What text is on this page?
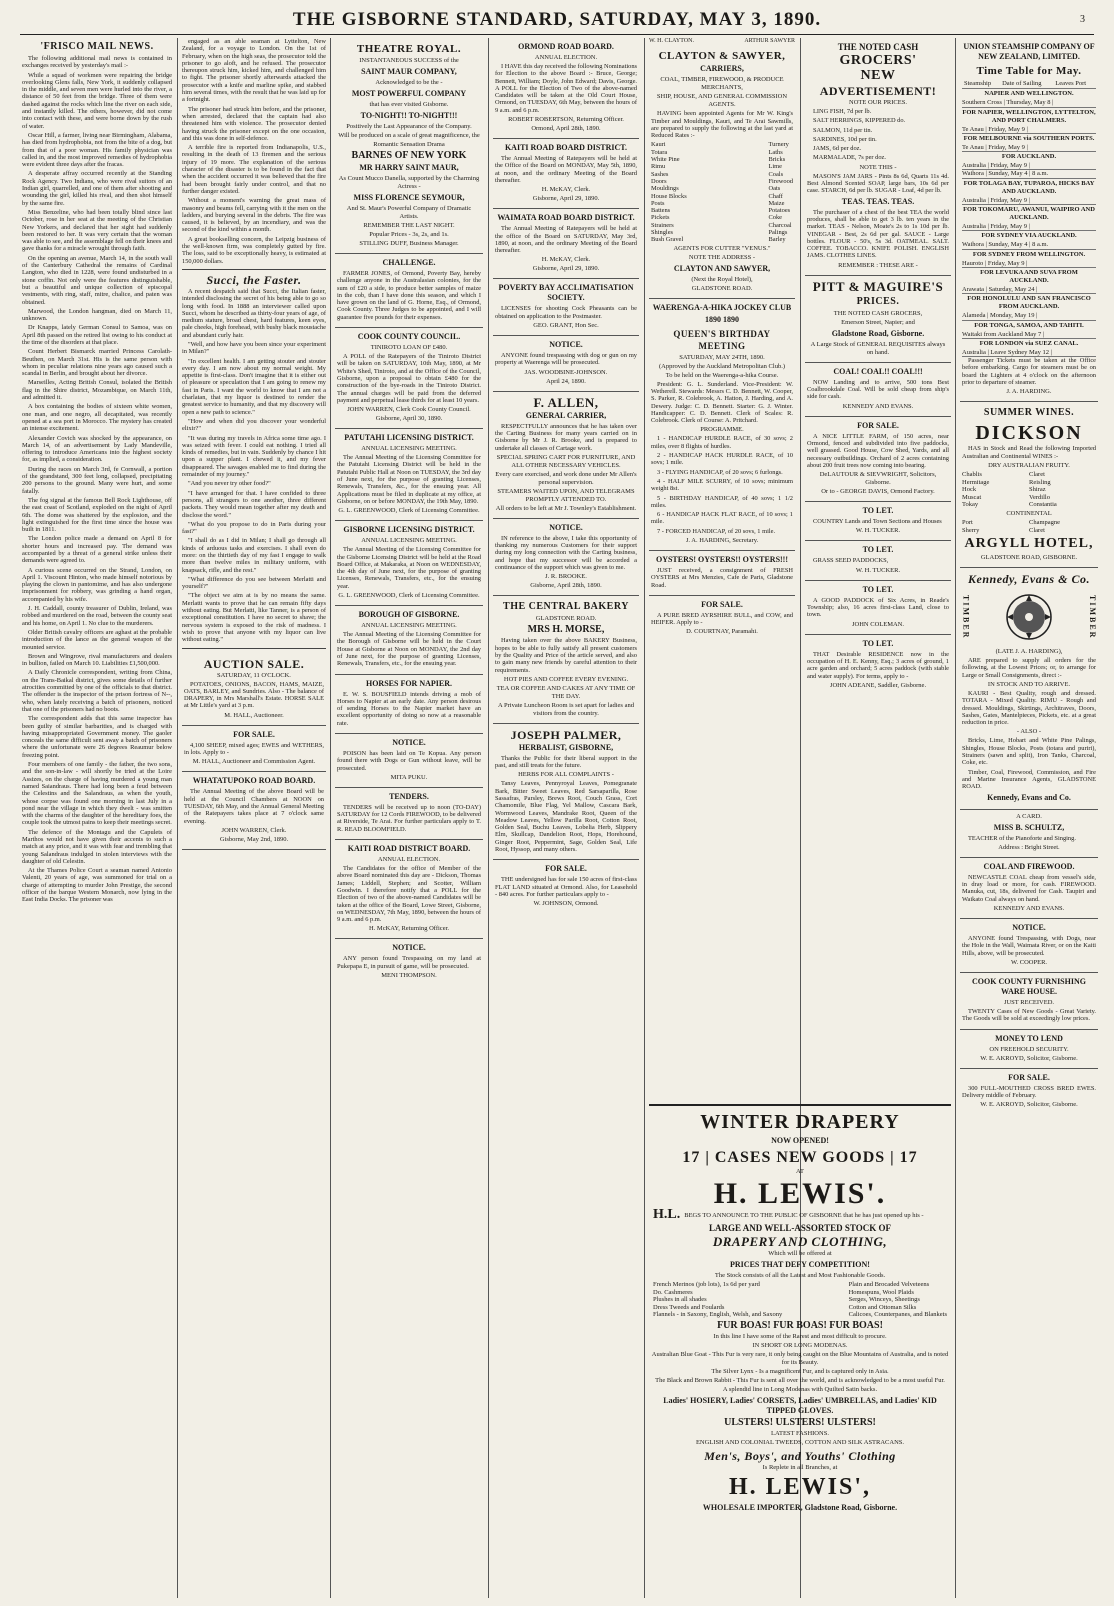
THE GISBORNE STANDARD, SATURDAY, MAY 3, 1890.	3
'FRISCO MAIL NEWS.
The following additional mail news is contained in exchanges received by yesterday's mail :-
While a squad of workmen were repairing the bridge overlooking Glens falls, New York, it suddenly collapsed in the middle, and seven men were hurled into the river, a distance of 50 feet from the bridge. Three of them were dashed against the rocks which line the river on each side, and instantly killed. The others, however, did not come into contact with these, and were borne down by the rush of water.
Oscar Hill, a farmer, living near Birmingham, Alabama, has died from hydrophobia, not from the bite of a dog, but from that of a poor woman. His family physician was called in, and the most improved remedies of hydrophobia were evident three days after the fracas.
A desperate affray occurred recently at the Standing Rock Agency. Two Indians, who were rival suitors of an Indian girl, quarrelled, and one of them after shooting and wounding the girl, killed his rival, and then shot himself by the same fire.
Miss Benzeline, who had been totally blind since last October, rose in her seat at the meeting of the Christian New Yorkers, and declared that her sight had suddenly been restored to her. It was very certain that the woman was able to see, and the assemblage fell on their knees and gave thanks for a miracle wrought through faith.
On the opening an avenue, March 14, in the south wall of the Canterbury Cathedral the remains of Cardinal Langton, who died in 1228, were found undisturbed in a stone coffin. Not only were the features distinguishable, but a beautiful and unique collection of episcopal vestments, with ring, staff, mitre, chalice, and paten was obtained.
Marwood, the London hangman, died on March 11, unknown.
Dr Knapps, lately German Consul to Samoa, was on April 8th passed on the retired list owing to his conduct at the time of the disorders at that place.
Count Herbert Bismarck married Princess Carolath-Beuthen, on March 31st. His is the same person with whom in peculiar relations nine years ago caused such a scandal in Berlin, and brought about her divorce.
Marseilles, Acting British Consul, isolated the British flag in the Shire district, Mozambique, on March 11th, and admitted it.
A box containing the bodies of sixteen white women, one man, and one negro, all decapitated, was recently opened at a sea port in Morocco. The mystery has created an intense excitement.
Alexander Covich was shocked by the appearance, on March 14, of an advertisement by Lady Mandeville, offering to introduce Americans into the highest society for, as implied, a consideration.
During the races on March 3rd, fe Cornwall, a portion of the grandstand, 300 feet long, collapsed, precipitating 200 persons to the ground. Many were hurt, and some fatally.
The fog signal at the famous Bell Rock Lighthouse, off the east coast of Scotland, exploded on the night of April 6th. The dome was shattered by the explosion, and the light extinguished for the first time since the house was built in 1811.
The London police made a demand on April 8 for shorter hours and increased pay. The demand was accompanied by a threat of a general strike unless their demands were agreed to.
A curious scene occurred on the Strand, London, on April 1. Viscount Hinton, who made himself notorious by playing the clown in pantomime, and has also undergone imprisonment for robbery, was grinding a hand organ, accompanied by his wife.
J. H. Caddall, county treasurer of Dublin, Ireland, was robbed and murdered on the road, between the county seat and his home, on April 1. No clue to the murderers.
Older British cavalry officers are aghast at the probable introduction of the lance as the general weapon of the mounted service.
Brown and Wingrove, rival manufacturers and dealers in bullion, failed on March 10. Liabilities £1,500,000.
A Daily Chronicle correspondent, writing from China, on the Trans-Baikal district, gives some details of further atrocities committed by one of the officials to that district. The offender is the inspector of the prison fortress of N--, who, when lately receiving a batch of prisoners, noticed that one of the prisoners had no boots.
The correspondent adds that this same inspector has been guilty of similar barbarities, and is charged with having misappropriated Government money. The gaoler conceals the same difficult sent away a batch of prisoners where the unfortunate were 26 degrees Reaumur below freezing point.
Four members of one family - the father, the two sons, and the son-in-law - will shortly be tried at the Loire Assizes, on the charge of having murdered a young man named Saiandraus. There had long been a feud between the Celestins and the Salandraus, as when the youth, whose corpse was found one morning in last July in a pond near the village in which they dwelt - was smitten with the charms of the daughter of the hereditary foes, the couple took the utmost pains to keep their meetings secret.
The defence of the Montagu and the Capulets of Marthos would not have given their accents to such a match at any price, and it was with fear and trembling that young Salandraus indulged in stolen interviews with the daughter of old Celestin.
At the Thames Police Court a seaman named Antonio Valenti, 20 years of age, was summoned for trial on a charge of attempting to murder John Prestige, the second officer of the barque Western Monarch, now lying in the East India Docks. The prisoner was
engaged as an able seaman at Lyttelton, New Zealand, for a voyage to London. On the 1st of February, when on the high seas, the prosecutor told the prisoner to go aloft, and he refused. The prosecutor thereupon struck him, kicked him, and challenged him to fight. The prisoner shortly afterwards attacked the prosecutor with a knife and marline spike, and stabbed him several times, with the result that he was laid up for a fortnight.
The prisoner had struck him before, and the prisoner, when arrested, declared that the captain had also threatened him with violence. The prosecutor denied having struck the prisoner except on the one occasion, and this was done in self-defence.
A terrible fire is reported from Indianapolis, U.S., resulting in the death of 13 firemen and the serious injury of 19 more. The explanation of the serious character of the disaster is to be found in the fact that when the accident occurred it was believed that the fire had been brought fairly under control, and that no further danger existed.
Without a moment's warning the great mass of masonry and beams fell, carrying with it the men on the ladders, and burying several in the debris. The fire was caused, it is believed, by an incendiary, and was the second of the kind within a month.
A great bookselling concern, the Leipzig business of the well-known firm, was completely gutted by fire. The loss, said to be exceptionally heavy, is estimated at 150,000 dollars.
Succi, the Faster.
A recent despatch said that Succi, the Italian faster, intended disclosing the secret of his being able to go so long with food. In 1888 an interviewer called upon Succi, whom he described as thirty-four years of age, of medium stature, broad chest, hard features, keen eyes, pale cheeks, high forehead, with bushy black moustache and abundant curly hair.
"Well, and how have you been since your experiment in Milan?"
"In excellent health. I am getting stouter and stouter every day. I am now about my normal weight. My appetite is first-class. Don't imagine that it is either out of pleasure or speculation that I am going to renew my fast in Paris. I want the world to know that I am not a charlatan, that my liquor is destined to render the greatest service to humanity, and that my discovery will open a new path to science."
"How and when did you discover your wonderful elixir?"
"It was during my travels in Africa some time ago. I was seized with fever. I could eat nothing. I tried all kinds of remedies, but in vain. Suddenly by chance I hit upon a supper plant. I chewed it, and my fever disappeared. The savages enabled me to find during the remainder of my journey."
"And you never try other food?"
"I have arranged for that. I have confided to three persons, all strangers to one another, three different packets. They would mean together after my death and disclose the word."
"What do you propose to do in Paris during your fast?"
"I shall do as I did in Milan; I shall go through all kinds of arduous tasks and exercises. I shall even do more: on the thirtieth day of my fast I engage to walk more than twelve miles in military uniform, with knapsack, rifle, and the rest."
"What difference do you see between Merlatti and yourself?"
"The object we aim at is by no means the same. Merlatti wants to prove that he can remain fifty days without eating. But Merlatti, like Tanner, is a person of exceptional constitution. I have no secret to shave; the nervous system is exposed to the risk of madness. I wish to prove that anyone with my liquor can live without eating."
AUCTION SALE.
SATURDAY, 11 O'CLOCK.
POTATOES, ONIONS, BACON, HAMS, MAIZE, OATS, BARLEY, and Sundries. Also - The balance of DRAPERY, in Mrs Marshall's Estate. HORSE SALE at Mr Little's yard at 3 p.m.
M. HALL, Auctioneer.
FOR SALE.
4,100 SHEEP, mixed ages; EWES and WETHERS, in lots. Apply to -
M. HALL, Auctioneer and Commission Agent.
WHATATUPOKO ROAD BOARD.
The Annual Meeting of the above Board will be held at the Council Chambers at NOON on TUESDAY, 6th May, and the Annual General Meeting of the Ratepayers takes place at 7 o'clock same evening.
JOHN WARREN, Clerk.
Gisborne, May 2nd, 1890.
THEATRE ROYAL.
INSTANTANEOUS SUCCESS of the
SAINT MAUR COMPANY,
Acknowledged to be the -
MOST POWERFUL COMPANY
that has ever visited Gisborne.
TO-NIGHT!! TO-NIGHT!!!
Positively the Last Appearance of the Company.
Will be produced on a scale of great magnificence, the
Romantic Sensation Drama
BARNES OF NEW YORK
MR HARRY SAINT MAUR,
As Count Mucco Danella, supported by the Charming Actress -
MISS FLORENCE SEYMOUR,
And St. Maur's Powerful Company of Dramatic Artists.
REMEMBER THE LAST NIGHT.
Popular Prices - 3s, 2s, and 1s.
STILLING DUFF, Business Manager.
CHALLENGE.
FARMER JONES, of Ormond, Poverty Bay, hereby challenge anyone in the Australasian colonies, for the sum of £20 a side, to produce better samples of maize in the cob, than I have done this season, and which I have grown on the land of G. Horne, Esq., of Ormond, Cook County. Three Judges to be appointed, and I will guarantee five pounds for their expenses.
COOK COUNTY COUNCIL.
TINIROTO LOAN OF £480.
A POLL of the Ratepayers of the Tiniroto District will be taken on SATURDAY, 10th May, 1890, at Mr White's Shed, Tiniroto, and at the Office of the Council, Gisborne, upon a proposal to obtain £480 for the construction of the bye-roads in the Tiniroto District. The annual charges will be paid from the deferred payment and perpetual lease thirds for at least 10 years.
JOHN WARREN, Clerk Cook County Council.
Gisborne, April 30, 1890.
PATUTAHI LICENSING DISTRICT.
ANNUAL LICENSING MEETING.
The Annual Meeting of the Licensing Committee for the Patutahi Licensing District will be held in the Patutahi Public Hall at Noon on TUESDAY, the 3rd day of June next, for the purpose of granting Licenses, Renewals, Transfers, &c., for the ensuing year. All Applications must be filed in duplicate at my office, at Gisborne, on or before MONDAY, the 19th May, 1890.
G. L. GREENWOOD, Clerk of Licensing Committee.
GISBORNE LICENSING DISTRICT.
ANNUAL LICENSING MEETING.
The Annual Meeting of the Licensing Committee for the Gisborne Licensing District will be held at the Road Board Office, at Makaraka, at Noon on WEDNESDAY, the 4th day of June next, for the purpose of granting Licenses, Renewals, Transfers, etc., for the ensuing year.
G. L. GREENWOOD, Clerk of Licensing Committee.
BOROUGH OF GISBORNE.
ANNUAL LICENSING MEETING.
The Annual Meeting of the Licensing Committee for the Borough of Gisborne will be held in the Court House at Gisborne at Noon on MONDAY, the 2nd day of June next, for the purpose of granting Licenses, Renewals, Transfers, etc., for the ensuing year.
HORSES FOR NAPIER.
E. W. S. BOUSFIELD intends driving a mob of Horses to Napier at an early date. Any person desirous of sending Horses to the Napier market have an excellent opportunity of doing so now at a reasonable rate.
NOTICE.
POISON has been laid on Te Kopua. Any person found there with Dogs or Gun without leave, will be prosecuted.
MITA PUKU.
TENDERS.
TENDERS will be received up to noon (TO-DAY) SATURDAY for 12 Cords FIREWOOD, to be delivered at Riverside, Te Arai. For further particulars apply to T. R. READ BLOOMFIELD.
KAITI ROAD DISTRICT BOARD.
ANNUAL ELECTION.
The Candidates for the office of Member of the above Board nominated this day are - Dickson, Thomas James; Liddell, Stephen; and Scotter, William Goodwin. I therefore notify that a POLL for the Election of two of the above-named Candidates will be taken at the office of the Board, Lowe Street, Gisborne, on WEDNESDAY, 7th May, 1890, between the hours of 9 a.m. and 6 p.m.
H. McKAY, Returning Officer.
NOTICE.
ANY person found Trespassing on my land at Pukepapa E, in pursuit of game, will be prosecuted.
MENI THOMPSON.
ORMOND ROAD BOARD.
ANNUAL ELECTION.
I HAVE this day received the following Nominations for Election to the above Board :- Bruce, George; Bennett, William; Doyle, John Edward; Davis, George. A POLL for the Election of Two of the above-named Candidates will be taken at the Old Court House, Ormond, on TUESDAY, 6th May, between the hours of 9 a.m. and 6 p.m.
ROBERT ROBERTSON, Returning Officer.
Ormond, April 28th, 1890.
KAITI ROAD BOARD DISTRICT.
The Annual Meeting of Ratepayers will be held at the Office of the Board on MONDAY, May 5th, 1890, at noon, and the ordinary Meeting of the Board thereafter.
H. McKAY, Clerk.
Gisborne, April 29, 1890.
WAIMATA ROAD BOARD DISTRICT.
The Annual Meeting of Ratepayers will be held at the office of the Board on SATURDAY, May 3rd, 1890, at noon, and the ordinary Meeting of the Board thereafter.
H. McKAY, Clerk.
Gisborne, April 29, 1890.
POVERTY BAY ACCLIMATISATION SOCIETY.
LICENSES for shooting Cock Pheasants can be obtained on application to the Postmaster.
GEO. GRANT, Hon Sec.
NOTICE.
ANYONE found trespassing with dog or gun on my property at Waerenga will be prosecuted.
JAS. WOODBINE-JOHNSON.
April 24, 1890.
F. ALLEN,
GENERAL CARRIER,
RESPECTFULLY announces that he has taken over the Carting Business for many years carried on in Gisborne by Mr J. R. Brooke, and is prepared to undertake all classes of Cartage work.
SPECIAL SPRING CART FOR FURNITURE, AND ALL OTHER NECESSARY VEHICLES.
Every care exercised, and work done under Mr Allen's personal supervision.
STEAMERS WAITED UPON, AND TELEGRAMS PROMPTLY ATTENDED TO.
All orders to be left at Mr J. Townley's Establishment.
NOTICE.
IN reference to the above, I take this opportunity of thanking my numerous Customers for their support during my long connection with the Carting business, and hope that my successor will be accorded a continuance of the support which was given to me.
J. R. BROOKE.
Gisborne, April 28th, 1890.
THE CENTRAL BAKERY
GLADSTONE ROAD.
MRS H. MORSE,
Having taken over the above BAKERY Business, hopes to be able to fully satisfy all present customers by the Quality and Price of the article served, and also to gain many new friends by careful attention to their requirements.
HOT PIES AND COFFEE EVERY EVENING.
TEA OR COFFEE AND CAKES AT ANY TIME OF THE DAY.
A Private Luncheon Room is set apart for ladies and visitors from the country.
JOSEPH PALMER,
HERBALIST, GISBORNE,
Thanks the Public for their liberal support in the past, and still treats for the future.
HERBS FOR ALL COMPLAINTS -
Tansy Leaves, Pennyroyal Leaves, Pomegranate Bark, Bitter Sweet Leaves, Red Sarsaparilla, Rose Sassafras, Parsley, Brews Root, Couch Grass, Cort Chamomile, Blue Flag, Yel Mallow, Cascara Bark, Wormwood Leaves, Mandrake Root, Queen of the Meadow Leaves, Yellow Parilla Root, Cotton Root, Golden Seal, Buchu Leaves, Lobelia Herb, Slippery Elm, Skullcap, Dandelion Root, Hops, Horehound, Ginger Root, Peppermint, Sage, Golden Seal, Life Root, Hyssop, and many others.
FOR SALE.
THE undersigned has for sale 150 acres of first-class FLAT LAND situated at Ormond. Also, for Leasehold - 840 acres. For further particulars apply to -
W. JOHNSON, Ormond.
W. H. CLAYTON.	ARTHUR SAWYER
CLAYTON & SAWYER,
CARRIERS,
COAL, TIMBER, FIREWOOD, & PRODUCE MERCHANTS,
SHIP, HOUSE, AND GENERAL COMMISSION AGENTS.
HAVING been appointed Agents for Mr W. King's Timber and Mouldings, Kauri, and Te Arai Sawmills, are prepared to supply the following at the last yard at Reduced Rates :-
Kauri
Totara
White Pine
Rimu
Sashes
Doors
Mouldings
House Blocks
Posts
Battens
Pickets
Strainers
Shingles
Bush Gravel
Turnery
Laths
Bricks
Lime
Coals
Firewood
Oats
Chaff
Maize
Potatoes
Coke
Charcoal
Palings
Barley
AGENTS FOR CUTTER "VENUS."
NOTE THE ADDRESS -
CLAYTON AND SAWYER,
(Next the Royal Hotel),
GLADSTONE ROAD.
WAERENGA-A-HIKA JOCKEY CLUB
1890 1890
QUEEN'S BIRTHDAY MEETING
SATURDAY, MAY 24TH, 1890.
(Approved by the Auckland Metropolitan Club.)
To be held on the Waerenga-a-hika Course.
President: G. L. Sunderland. Vice-President: W. Wetherell. Stewards: Messrs C. D. Bennett, W. Cooper, S. Parker, R. Colebrook, A. Hatton, J. Harding, and A. Dewery. Judge: C. D. Bennett. Starter: G. J. Winter. Handicapper: C. D. Bennett. Clerk of Scales: R. Colebrook. Clerk of Course: A. Pritchard.
PROGRAMME.
1 - HANDICAP HURDLE RACE, of 30 sovs; 2 miles, over 8 flights of hurdles.
2 - HANDICAP HACK HURDLE RACE, of 10 sovs; 1 mile.
3 - FLYING HANDICAP, of 20 sovs; 6 furlongs.
4 - HALF MILE SCURRY, of 10 sovs; minimum weight 8st.
5 - BIRTHDAY HANDICAP, of 40 sovs; 1 1/2 miles.
6 - HANDICAP HACK FLAT RACE, of 10 sovs; 1 mile.
7 - FORCED HANDICAP, of 20 sovs, 1 mile.
J. A. HARDING, Secretary.
OYSTERS! OYSTERS!! OYSTERS!!!
JUST received, a consignment of FRESH OYSTERS at Mrs Menzies, Cafe de Paris, Gladstone Road.
FOR SALE.
A PURE BRED AYRSHIRE BULL, and COW, and HEIFER. Apply to -
D. COURTNAY, Paramahi.
THE NOTED CASH
GROCERS'
NEW
ADVERTISEMENT!
NOTE OUR PRICES.
LING FISH, 7d per lb.
SALT HERRINGS, KIPPERED do.
SALMON, 11d per tin.
SARDINES, 10d per tin.
JAMS, 6d per doz.
MARMALADE, 7s per doz.
NOTE THIS -
MASON'S JAM JARS - Pints 8s 6d, Quarts 11s 4d. Best Almond Scented SOAP, large bars, 10s 6d per case. STARCH, 6d per lb. SUGAR - Loaf, 4d per lb.
TEAS. TEAS. TEAS.
The purchaser of a chest of the best TEA the world produces, shall be able to get 3 lb. ten years in the market. TEAS - Nelson, Moate's 2s to 1s 10d per lb. VINEGAR - Best, 2s 6d per gal. SAUCE - Large bottles. FLOUR - 50's, 5s 3d. OATMEAL. SALT. COFFEE. TOBACCO. KNIFE POLISH. ENGLISH JAMS. CLOTHES LINES.
REMEMBER : THESE ARE -
PITT & MAGUIRE'S
PRICES.
THE NOTED CASH GROCERS,
Emerson Street, Napier; and
Gladstone Road, Gisborne.
A Large Stock of GENERAL REQUISITES always on hand.
COAL! COAL!! COAL!!!
NOW Landing and to arrive, 500 tons Best Coalbrookdale Coal. Will be sold cheap from ship's side for cash.
KENNEDY AND EVANS.
FOR SALE.
A NICE LITTLE FARM, of 150 acres, near Ormond, fenced and subdivided into five paddocks, well grassed. Good House, Cow Shed, Yards, and all necessary outbuildings. Orchard of 2 acres containing about 200 fruit trees now coming into bearing.
DeLAUTOUR & SIEVWRIGHT, Solicitors, Gisborne.
Or to - GEORGE DAVIS, Ormond Factory.
TO LET.
COUNTRY Lands and Town Sections and Houses
W. H. TUCKER.
TO LET.
GRASS SEED PADDOCKS,
W. H. TUCKER.
TO LET.
A GOOD PADDOCK of Six Acres, in Reade's Township; also, 16 acres first-class Land, close to town.
JOHN COLEMAN.
TO LET.
THAT Desirable RESIDENCE now in the occupation of H. E. Kenny, Esq.; 3 acres of ground, 1 acre garden and orchard; 5 acres paddock (with stable and water supply). For terms, apply to -
JOHN ADEANE, Saddler, Gisborne.
WINTER DRAPERY
NOW OPENED!
17 | CASES NEW GOODS | 17
AT
H. LEWIS'.
H.L. BEGS TO ANNOUNCE TO THE PUBLIC OF GISBORNE that he has just opened up his -
LARGE AND WELL-ASSORTED STOCK OF
DRAPERY AND CLOTHING,
Which will be offered at
PRICES THAT DEFY COMPETITION!
The Stock consists of all the Latest and Most Fashionable Goods.
French Merinos (job lots), 1s 6d per yard
Do. Cashmeres
Plushes in all shades
Dress Tweeds and Foulards
Flannels - in Saxony, English, Welsh, and Saxony
Plain and Brocaded Velveteens
Homespuns, Wool Plaids
Serges, Winceys, Sheetings
Cotton and Ottoman Silks
Calicoes, Counterpanes, and Blankets
FUR BOAS! FUR BOAS! FUR BOAS!
In this line I have some of the Rarest and most difficult to procure.
IN SHORT OR LONG MODENAS.
Australian Blue Goat - This Fur is very rare, it only being caught on the Blue Mountains of Australia, and is noted for its Beauty.
The Silver Lynx - Is a magnificent Fur, and is captured only in Asia.
The Black and Brown Rabbit - This Fur is sent all over the world, and is acknowledged to be a most useful Fur.
A splendid line in Long Modenas with Quilted Satin backs.
Ladies' HOSIERY, Ladies' CORSETS, Ladies' UMBRELLAS, and Ladies' KID TIPPED GLOVES.
ULSTERS! ULSTERS! ULSTERS!
LATEST FASHIONS.
ENGLISH AND COLONIAL TWEEDS, COTTON AND SILK ASTRACANS.
Men's, Boys', and Youths' Clothing
Is Replete in all Branches, at
H. LEWIS',
WHOLESALE IMPORTER, Gladstone Road, Gisborne.
UNION STEAMSHIP COMPANY OF NEW ZEALAND, LIMITED.
Time Table for May.
Steamship	Date of Sailing	Leaves Port
NAPIER AND WELLINGTON.
Southern Cross | Thursday, May 8 |
FOR NAPIER, WELLINGTON, LYTTELTON, AND PORT CHALMERS.
Te Anau | Friday, May 9 |
FOR MELBOURNE via SOUTHERN PORTS.
Te Anau | Friday, May 9 |
FOR AUCKLAND.
Australia | Friday, May 9 |
Waihora | Sunday, May 4 | 8 a.m.
FOR TOLAGA BAY, TUPAROA, HICKS BAY AND AUCKLAND.
Australia | Friday, May 9 |
FOR TOKOMARU, AWANUI, WAIPIRO AND AUCKLAND.
Australia | Friday, May 9 |
FOR SYDNEY VIA AUCKLAND.
Waihora | Sunday, May 4 | 8 a.m.
FOR SYDNEY FROM WELLINGTON.
Hauroto | Friday, May 9 |
FOR LEVUKA AND SUVA FROM AUCKLAND.
Arawata | Saturday, May 24 |
FOR HONOLULU AND SAN FRANCISCO FROM AUCKLAND.
Alameda | Monday, May 19 |
FOR TONGA, SAMOA, AND TAHITI.
Waitaki from Auckland May 7 |
FOR LONDON via SUEZ CANAL.
Australia | Leave Sydney May 12 |
Passenger Tickets must be taken at the Office before embarking. Cargo for steamers must be on board the Lighters at 4 o'clock on the afternoon prior to departure of steamer.
J. A. HARDING.
SUMMER WINES.
DICKSON
HAS in Stock and Read the following Imported Australian and Continental WINES :-
DRY AUSTRALIAN FRUITY.
Chablis	Claret
Hermitage	Reisling
Hock	Shiraz
Muscat	Verdillo
Tokay	Constantia
CONTINENTAL
Port	Champagne
Sherry	Claret
ARGYLL HOTEL,
GLADSTONE ROAD, GISBORNE.
Kennedy, Evans & Co.
TIMBER	TIMBER
(LATE J. A. HARDING),
ARE prepared to supply all orders for the following, at the Lowest Prices; or, to arrange for Large or Small Consignments, direct :-
IN STOCK AND TO ARRIVE.
KAURI - Best Quality, rough and dressed. TOTARA - Mixed Quality. RIMU - Rough and dressed. Mouldings, Skirtings, Architraves, Doors, Sashes, Gates, Mantelpieces, Pickets, etc. at a great reduction in price.
- ALSO -
Bricks, Lime, Hobart and White Pine Palings, Shingles, House Blocks, Posts (totara and puriri), Strainers (sawn and split), Iron Tanks, Charcoal, Coke, etc.
Timber, Coal, Firewood, Commission, and Fire and Marine Insurance Agents, GLADSTONE ROAD.
Kennedy, Evans and Co.
A CARD.
MISS B. SCHULTZ,
TEACHER of the Pianoforte and Singing.
Address : Bright Street.
COAL AND FIREWOOD.
NEWCASTLE COAL cheap from vessel's side, in dray load or more, for cash. FIREWOOD. Manuka, cut, 18s, delivered for Cash. Taupiri and Waikato Coal always on hand.
KENNEDY AND EVANS.
NOTICE.
ANYONE found Trespassing, with Dogs, near the Hole in the Wall, Waimata River, or on the Kaiti Hills, above, will be prosecuted.
W. COOPER.
COOK COUNTY FURNISHING WARE HOUSE.
JUST RECEIVED.
TWENTY Cases of New Goods - Great Variety. The Goods will be sold at exceedingly low prices.
MONEY TO LEND
ON FREEHOLD SECURITY.
W. E. AKROYD, Solicitor, Gisborne.
FOR SALE.
300 FULL-MOUTHED CROSS BRED EWES. Delivery middle of February.
W. E. AKROYD, Solicitor, Gisborne.
